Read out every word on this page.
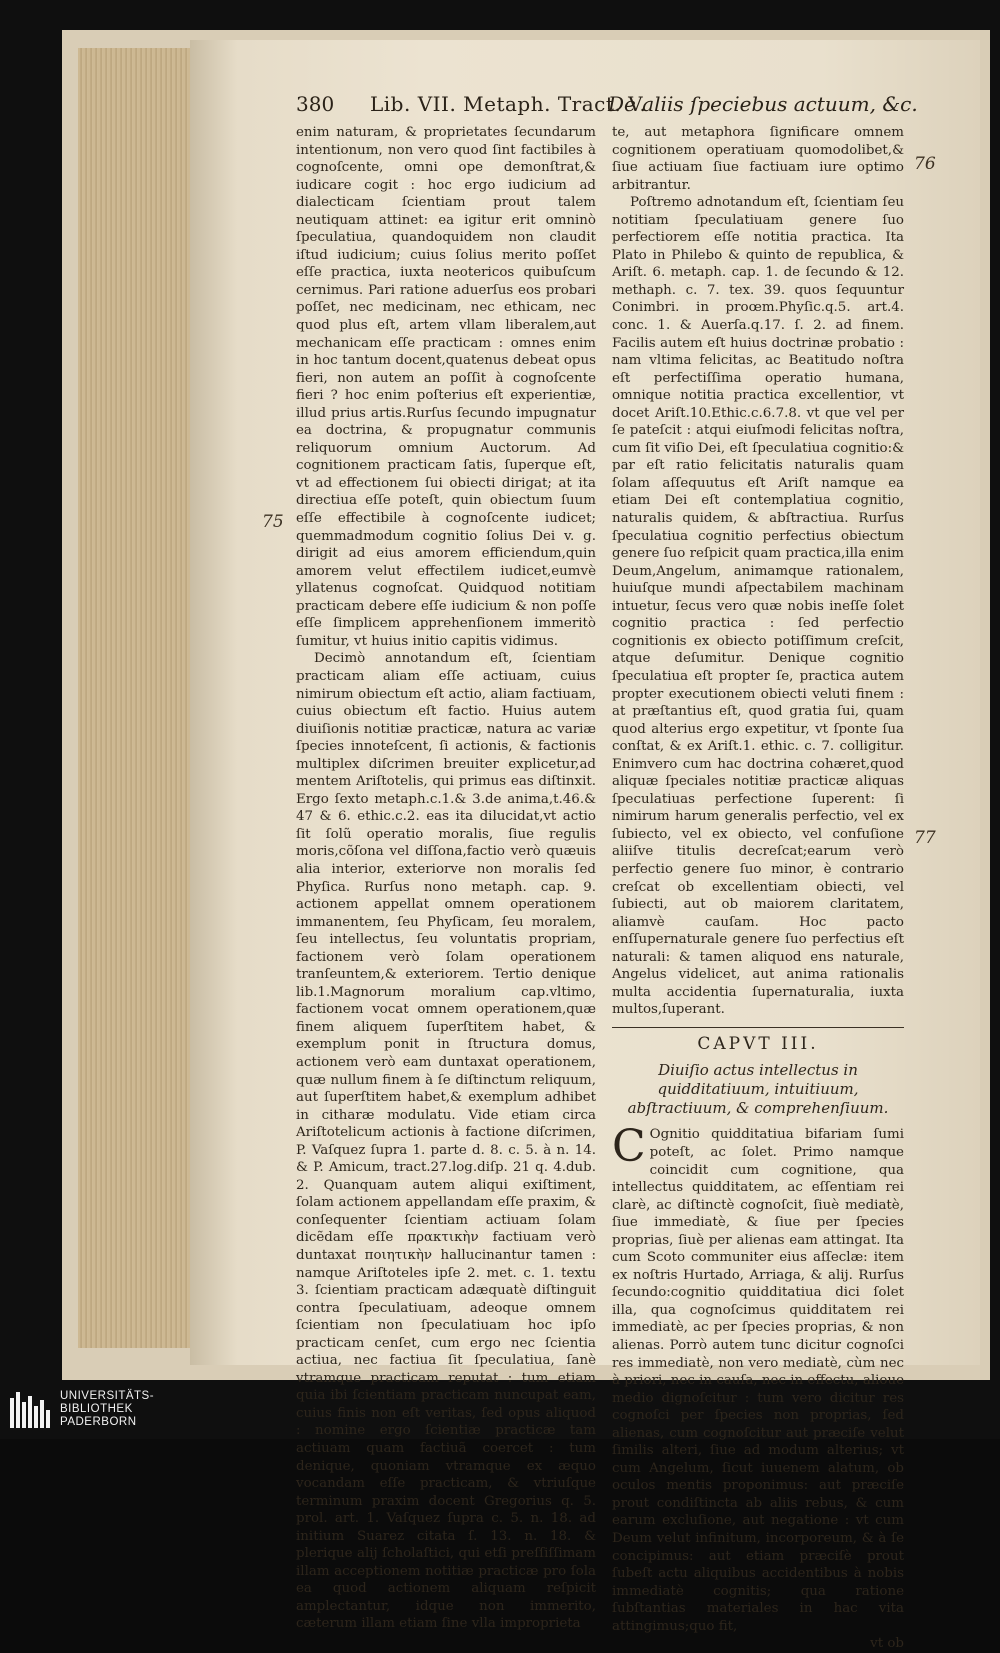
380 Lib. VII. Metaph. Tract. V.
De aliis ſpeciebus actuum, &c.
75
76
77

enim naturam, & proprietates ſecundarum intentionum, non vero quod ſint factibiles à cognoſcente, omni ope demonſtrat,& iudicare cogit : hoc ergo iudicium ad dialecticam ſcientiam prout talem neutiquam attinet: ea igitur erit omninò ſpeculatiua, quandoquidem non claudit iſtud iudicium; cuius ſolius merito poſſet eſſe practica, iuxta neotericos quibuſcum cernimus. Pari ratione aduerſus eos probari poſſet, nec medicinam, nec ethicam, nec quod plus eſt, artem vllam liberalem,aut mechanicam eſſe practicam : omnes enim in hoc tantum docent,quatenus debeat opus fieri, non autem an poſſit à cognoſcente fieri ? hoc enim poſterius eſt experientiæ, illud prius artis.Rurſus ſecundo impugnatur ea doctrina, & propugnatur communis reliquorum omnium Auctorum. Ad cognitionem practicam ſatis, ſuperque eſt, vt ad effectionem ſui obiecti dirigat; at ita directiua eſſe poteſt, quin obiectum ſuum eſſe effectibile à cognoſcente iudicet; quemmadmodum cognitio ſolius Dei v. g. dirigit ad eius amorem efficiendum,quin amorem velut effectilem iudicet,eumvè yllatenus cognoſcat. Quidquod notitiam practicam debere eſſe iudicium & non poſſe eſſe ſimplicem apprehenſionem immeritò ſumitur, vt huius initio capitis vidimus.

Decimò annotandum eſt, ſcientiam practicam aliam eſſe actiuam, cuius nimirum obiectum eſt actio, aliam factiuam, cuius obiectum eſt factio. Huius autem diuiſionis notitiæ practicæ, natura ac variæ ſpecies innoteſcent, ſi actionis, & factionis multiplex diſcrimen breuiter explicetur,ad mentem Ariſtotelis, qui primus eas diſtinxit. Ergo ſexto metaph.c.1.& 3.de anima,t.46.& 47 & 6. ethic.c.2. eas ita dilucidat,vt actio ſit ſolũ operatio moralis, ſiue regulis moris,cõſona vel diſſona,factio verò quæuis alia interior, exteriorve non moralis ſed Phyſica. Rurſus nono metaph. cap. 9. actionem appellat omnem operationem immanentem, ſeu Phyſicam, ſeu moralem, ſeu intellectus, ſeu voluntatis propriam, factionem verò ſolam operationem tranſeuntem,& exteriorem. Tertio denique lib.1.Magnorum moralium cap.vltimo, factionem vocat omnem operationem,quæ finem aliquem ſuperſtitem habet, & exemplum ponit in ſtructura domus, actionem verò eam duntaxat operationem, quæ nullum finem à ſe diſtinctum reliquum, aut ſuperſtitem habet,& exemplum adhibet in citharæ modulatu. Vide etiam circa Ariſtotelicum actionis à factione diſcrimen, P. Vaſquez ſupra 1. parte d. 8. c. 5. à n. 14. & P. Amicum, tract.27.log.diſp. 21 q. 4.dub. 2. Quanquam autem aliqui exiſtiment, ſolam actionem appellandam eſſe praxim, & conſequenter ſcientiam actiuam ſolam dicẽdam eſſe πρακτικὴν factiuam verò duntaxat ποιητικὴν hallucinantur tamen : namque Ariſtoteles ipſe 2. met. c. 1. textu 3. ſcientiam practicam adæquatè diſtinguit contra ſpeculatiuam, adeoque omnem ſcientiam non ſpeculatiuam hoc ipſo practicam cenſet, cum ergo nec ſcientia actiua, nec factiua ſit ſpeculatiua, ſanè vtramque practicam reputat : tum etiam quia ibi ſcientiam practicam nuncupat eam, cuius finis non eſt veritas, ſed opus aliquod : nomine ergo ſcientiæ practicæ tam actiuam quam factiuã coercet : tum denique, quoniam vtramque ex æquo vocandam eſſe practicam, & vtriuſque terminum praxim docent Gregorius q. 5. prol. art. 1. Vaſquez ſupra c. 5. n. 18. ad initium Suarez citata ſ. 13. n. 18. & plerique alij ſcholaſtici, qui etſi preſſiſſimam illam acceptionem notitiæ practicæ pro ſola ea quod actionem aliquam reſpicit amplectantur, idque non immerito, cæterum illam etiam ſine vlla improprieta

te, aut metaphora ſignificare omnem cognitionem operatiuam quomodolibet,& ſiue actiuam ſiue factiuam iure optimo arbitrantur.

Poſtremo adnotandum eſt, ſcientiam ſeu notitiam ſpeculatiuam genere ſuo perfectiorem eſſe notitia practica. Ita Plato in Philebo & quinto de republica, & Ariſt. 6. metaph. cap. 1. de ſecundo & 12. methaph. c. 7. tex. 39. quos ſequuntur Conimbri. in proœm.Phyſic.q.5. art.4. conc. 1. & Auerſa.q.17. ſ. 2. ad finem. Facilis autem eſt huius doctrinæ probatio : nam vltima felicitas, ac Beatitudo noſtra eſt perfectiſſima operatio humana, omnique notitia practica excellentior, vt docet Ariſt.10.Ethic.c.6.7.8. vt que vel per ſe pateſcit : atqui eiuſmodi felicitas noſtra, cum ſit viſio Dei, eſt ſpeculatiua cognitio:& par eſt ratio felicitatis naturalis quam ſolam aſſequutus eſt Ariſt namque ea etiam Dei eſt contemplatiua cognitio, naturalis quidem, & abſtractiua. Rurſus ſpeculatiua cognitio perfectius obiectum genere ſuo reſpicit quam practica,illa enim Deum,Angelum, animamque rationalem, huiuſque mundi aſpectabilem machinam intuetur, ſecus vero quæ nobis ineſſe ſolet cognitio practica : ſed perfectio cognitionis ex obiecto potiſſimum creſcit, atque deſumitur. Denique cognitio ſpeculatiua eſt propter ſe, practica autem propter executionem obiecti veluti finem : at præſtantius eſt, quod gratia ſui, quam quod alterius ergo expetitur, vt ſponte ſua conſtat, & ex Ariſt.1. ethic. c. 7. colligitur. Enimvero cum hac doctrina cohæret,quod aliquæ ſpeciales notitiæ practicæ aliquas ſpeculatiuas perfectione ſuperent: ſi nimirum harum generalis perfectio, vel ex ſubiecto, vel ex obiecto, vel confuſione aliiſve titulis decreſcat;earum verò perfectio genere ſuo minor, è contrario creſcat ob excellentiam obiecti, vel ſubiecti, aut ob maiorem claritatem, aliamvè cauſam. Hoc pacto enſſupernaturale genere ſuo perfectius eſt naturali: & tamen aliquod ens naturale, Angelus videlicet, aut anima rationalis multa accidentia ſupernaturalia, iuxta multos,ſuperant.

CAPVT III.
Diuiſio actus intellectus in quidditatiuum, intuitiuum, abſtractiuum, & comprehenſiuum.

C Ognitio quidditatiua bifariam ſumi poteſt, ac ſolet. Primo namque coincidit cum cognitione, qua intellectus quidditatem, ac eſſentiam rei clarè, ac diſtinctè cognoſcit, ſiuè mediatè, ſiue immediatè, & ſiue per ſpecies proprias, ſiuè per alienas eam attingat. Ita cum Scoto communiter eius aſſeclæ: item ex noſtris Hurtado, Arriaga, & alij. Rurſus ſecundo:cognitio quidditatiua dici ſolet illa, qua cognoſcimus quidditatem rei immediatè, ac per ſpecies proprias, & non alienas. Porrò autem tunc dicitur cognoſci res immediatè, non vero mediatè, cùm nec à priori, nec in cauſa, nec in effectu, alioue medio dignoſcitur : tum vero dicitur res cognoſci per ſpecies non proprias, ſed alienas, cum cognoſcitur aut præciſe velut ſimilis alteri, ſiue ad modum alterius; vt cum Angelum, ſicut iuuenem alatum, ob oculos mentis proponimus: aut præciſe prout condiſtincta ab aliis rebus, & cum earum excluſione, aut negatione : vt cum Deum velut infinitum, incorporeum, & à ſe concipimus: aut etiam præciſè prout ſubeſt actu aliquibus accidentibus à nobis immediatè cognitis; qua ratione ſubſtantias materiales in hac vita attingimus;quo fit,

vt ob

UNIVERSITÄTS-
BIBLIOTHEK
PADERBORN
